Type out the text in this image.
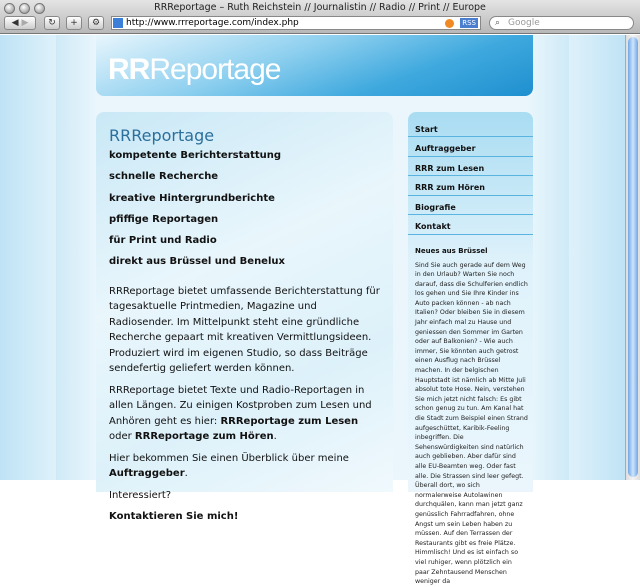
RRReportage – Ruth Reichstein // Journalistin // Radio // Print // Europe
◀ ▶	↻	+	⚙	http://www.rrreportage.com/index.php	RSS ⌕ Google
RRReportage
RRReportage
kompetente Berichterstattung
schnelle Recherche
kreative Hintergrundberichte
pfiffige Reportagen
für Print und Radio
direkt aus Brüssel und Benelux

RRReportage bietet umfassende Berichterstattung für tagesaktuelle Printmedien, Magazine und Radiosender. Im Mittelpunkt steht eine gründliche Recherche gepaart mit kreativen Vermittlungsideen. Produziert wird im eigenen Studio, so dass Beiträge sendefertig geliefert werden können.

RRReportage bietet Texte und Radio-Reportagen in allen Längen. Zu einigen Kostproben zum Lesen und Anhören geht es hier: RRReportage zum Lesen oder RRReportage zum Hören.

Hier bekommen Sie einen Überblick über meine Auftraggeber.

Interessiert?

Kontaktieren Sie mich!

Start
Auftraggeber
RRR zum Lesen
RRR zum Hören
Biografie
Kontakt
Neues aus Brüssel
Sind Sie auch gerade auf dem Weg in den Urlaub? Warten Sie noch darauf, dass die Schulferien endlich los gehen und Sie Ihre Kinder ins Auto packen können - ab nach Italien? Oder bleiben Sie in diesem Jahr einfach mal zu Hause und geniessen den Sommer im Garten oder auf Balkonien? - Wie auch immer, Sie könnten auch getrost einen Ausflug nach Brüssel machen. In der belgischen Hauptstadt ist nämlich ab Mitte Juli absolut tote Hose. Nein, verstehen Sie mich jetzt nicht falsch: Es gibt schon genug zu tun. Am Kanal hat die Stadt zum Beispiel einen Strand aufgeschüttet, Karibik-Feeling inbegriffen. Die Sehenswürdigkeiten sind natürlich auch geblieben. Aber dafür sind alle EU-Beamten weg. Oder fast alle. Die Strassen sind leer gefegt. Überall dort, wo sich normalerweise Autolawinen durchquälen, kann man jetzt ganz genüsslich Fahrradfahren, ohne Angst um sein Leben haben zu müssen. Auf den Terrassen der Restaurants gibt es freie Plätze. Himmlisch! Und es ist einfach so viel ruhiger, wenn plötzlich ein paar Zehntausend Menschen weniger da
